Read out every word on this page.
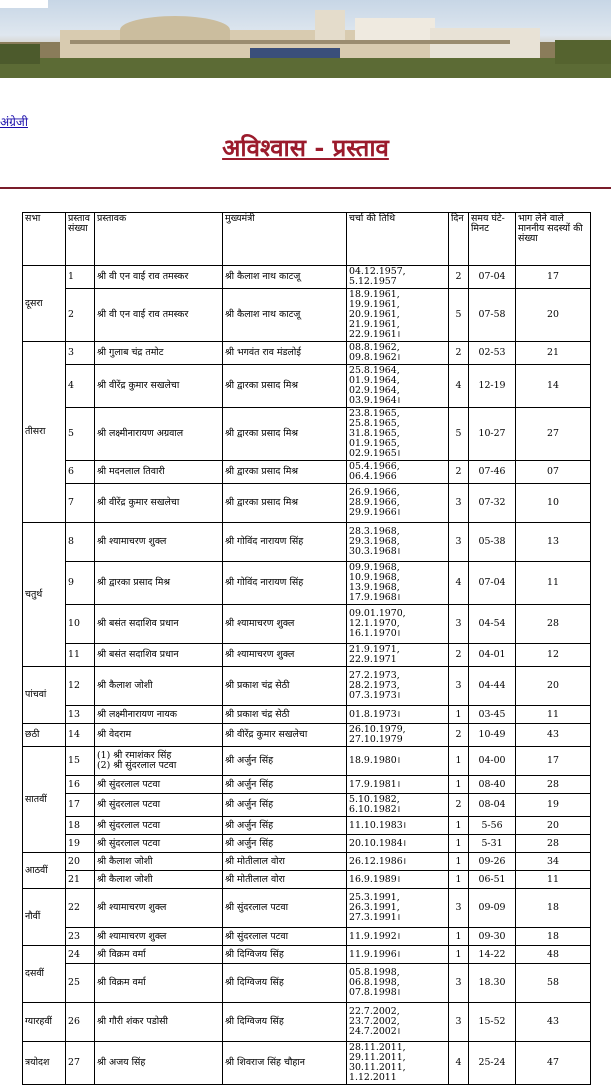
अंग्रेजी
अविश्वास - प्रस्ताव
सभा	प्रस्ताव संख्या	प्रस्तावक	मुख्यमंत्री	चर्चा की तिथि	दिन	समय घंटे-मिनट	भाग लेने वाले माननीय सदस्यों की संख्या
दूसरा	1	श्री वी एन वाई राव तमस्कर	श्री कैलाश नाथ काटजू	04.12.1957, 5.12.1957	2	07-04	17
	2	श्री वी एन वाई राव तमस्कर	श्री कैलाश नाथ काटजू	18.9.1961, 19.9.1961, 20.9.1961, 21.9.1961, 22.9.1961।	5	07-58	20
तीसरा	3	श्री गुलाब चंद्र तमोट	श्री भगवंत राव मंडलोई	08.8.1962, 09.8.1962।	2	02-53	21
	4	श्री वीरेंद्र कुमार सखलेचा	श्री द्वारका प्रसाद मिश्र	25.8.1964, 01.9.1964, 02.9.1964, 03.9.1964।	4	12-19	14
	5	श्री लक्ष्मीनारायण अग्रवाल	श्री द्वारका प्रसाद मिश्र	23.8.1965, 25.8.1965, 31.8.1965, 01.9.1965, 02.9.1965।	5	10-27	27
	6	श्री मदनलाल तिवारी	श्री द्वारका प्रसाद मिश्र	05.4.1966, 06.4.1966	2	07-46	07
	7	श्री वीरेंद्र कुमार सखलेचा	श्री द्वारका प्रसाद मिश्र	26.9.1966, 28.9.1966, 29.9.1966।	3	07-32	10
चतुर्थ	8	श्री श्यामाचरण शुक्ल	श्री गोविंद नारायण सिंह	28.3.1968, 29.3.1968, 30.3.1968।	3	05-38	13
	9	श्री द्वारका प्रसाद मिश्र	श्री गोविंद नारायण सिंह	09.9.1968, 10.9.1968, 13.9.1968, 17.9.1968।	4	07-04	11
	10	श्री बसंत सदाशिव प्रधान	श्री श्यामाचरण शुक्ल	09.01.1970, 12.1.1970, 16.1.1970।	3	04-54	28
	11	श्री बसंत सदाशिव प्रधान	श्री श्यामाचरण शुक्ल	21.9.1971, 22.9.1971	2	04-01	12
पांचवां	12	श्री कैलाश जोशी	श्री प्रकाश चंद्र सेठी	27.2.1973, 28.2.1973, 07.3.1973।	3	04-44	20
	13	श्री लक्ष्मीनारायण नायक	श्री प्रकाश चंद्र सेठी	01.8.1973।	1	03-45	11
छठी	14	श्री वेदराम	श्री वीरेंद्र कुमार सखलेचा	26.10.1979, 27.10.1979	2	10-49	43
सातवीं	15	(1) श्री रमाशंकर सिंह
(2) श्री सुंदरलाल पटवा	श्री अर्जुन सिंह	18.9.1980।	1	04-00	17
	16	श्री सुंदरलाल पटवा	श्री अर्जुन सिंह	17.9.1981।	1	08-40	28
	17	श्री सुंदरलाल पटवा	श्री अर्जुन सिंह	5.10.1982, 6.10.1982।	2	08-04	19
	18	श्री सुंदरलाल पटवा	श्री अर्जुन सिंह	11.10.1983।	1	5-56	20
	19	श्री सुंदरलाल पटवा	श्री अर्जुन सिंह	20.10.1984।	1	5-31	28
आठवीं	20	श्री कैलाश जोशी	श्री मोतीलाल वोरा	26.12.1986।	1	09-26	34
	21	श्री कैलाश जोशी	श्री मोतीलाल वोरा	16.9.1989।	1	06-51	11
नौवीं	22	श्री श्यामाचरण शुक्ल	श्री सुंदरलाल पटवा	25.3.1991, 26.3.1991, 27.3.1991।	3	09-09	18
	23	श्री श्यामाचरण शुक्ल	श्री सुंदरलाल पटवा	11.9.1992।	1	09-30	18
दसवीं	24	श्री विक्रम वर्मा	श्री दिग्विजय सिंह	11.9.1996।	1	14-22	48
	25	श्री विक्रम वर्मा	श्री दिग्विजय सिंह	05.8.1998, 06.8.1998, 07.8.1998।	3	18.30	58
ग्यारहवीं	26	श्री गौरी शंकर पडोसी	श्री दिग्विजय सिंह	22.7.2002, 23.7.2002, 24.7.2002।	3	15-52	43
त्रयोदश	27	श्री अजय सिंह	श्री शिवराज सिंह चौहान	28.11.2011, 29.11.2011, 30.11.2011, 1.12.2011	4	25-24	47
